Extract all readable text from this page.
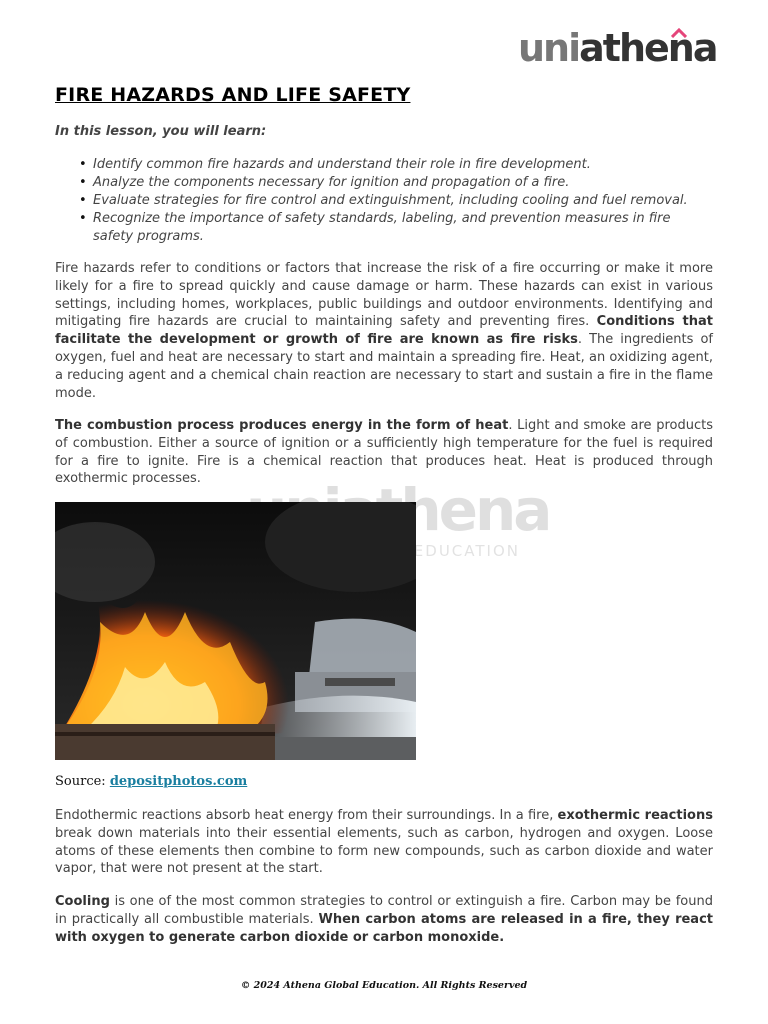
uni athena
FIRE HAZARDS AND LIFE SAFETY

In this lesson, you will learn:

• Identify common fire hazards and understand their role in fire development.
• Analyze the components necessary for ignition and propagation of a fire.
• Evaluate strategies for fire control and extinguishment, including cooling and fuel removal.
• Recognize the importance of safety standards, labeling, and prevention measures in fire safety programs.

Fire hazards refer to conditions or factors that increase the risk of a fire occurring or make it more likely for a fire to spread quickly and cause damage or harm. These hazards can exist in various settings, including homes, workplaces, public buildings and outdoor environments. Identifying and mitigating fire hazards are crucial to maintaining safety and preventing fires. Conditions that facilitate the development or growth of fire are known as fire risks. The ingredients of oxygen, fuel and heat are necessary to start and maintain a spreading fire. Heat, an oxidizing agent, a reducing agent and a chemical chain reaction are necessary to start and sustain a fire in the flame mode.

The combustion process produces energy in the form of heat. Light and smoke are products of combustion. Either a source of ignition or a sufficiently high temperature for the fuel is required for a fire to ignite. Fire is a chemical reaction that produces heat. Heat is produced through exothermic processes.

EDUCATION

Source: depositphotos.com

Endothermic reactions absorb heat energy from their surroundings. In a fire, exothermic reactions break down materials into their essential elements, such as carbon, hydrogen and oxygen. Loose atoms of these elements then combine to form new compounds, such as carbon dioxide and water vapor, that were not present at the start.

Cooling is one of the most common strategies to control or extinguish a fire. Carbon may be found in practically all combustible materials. When carbon atoms are released in a fire, they react with oxygen to generate carbon dioxide or carbon monoxide.

© 2024 Athena Global Education. All Rights Reserved
